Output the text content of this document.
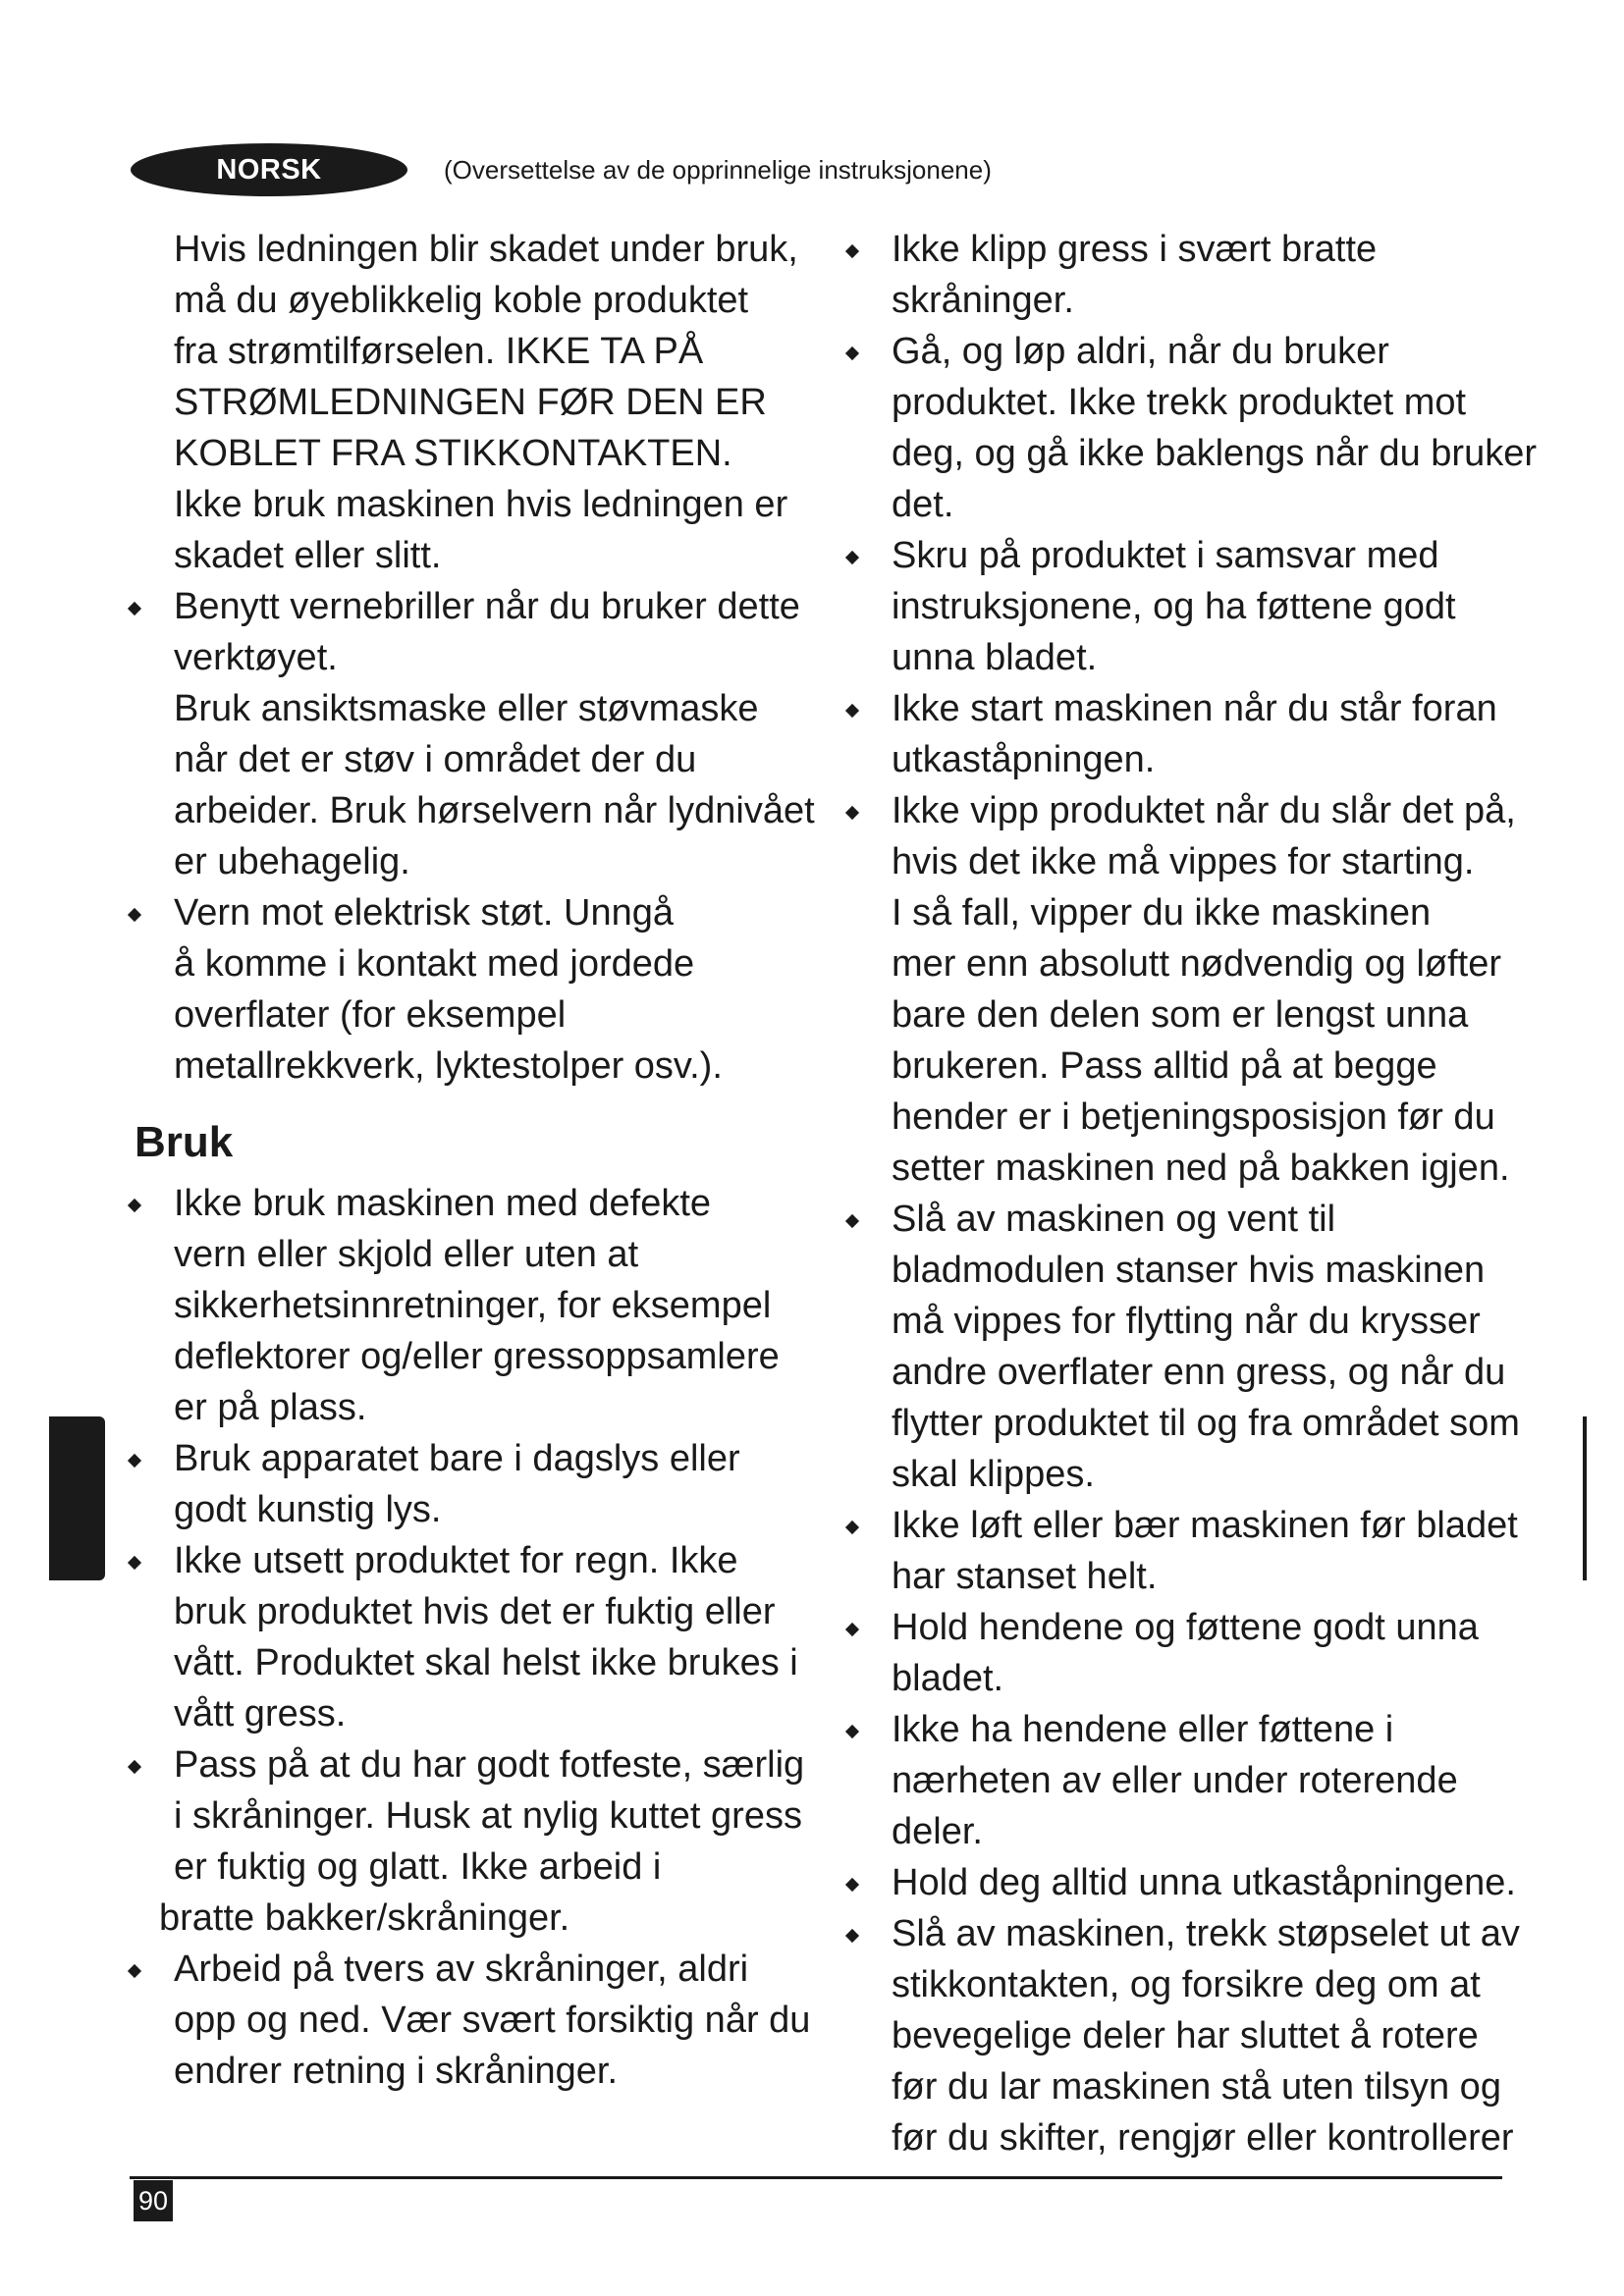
NORSK	(Oversettelse av de opprinnelige instruksjonene)
Hvis ledningen blir skadet under bruk,
må du øyeblikkelig koble produktet
fra strømtilførselen. IKKE TA PÅ
STRØMLEDNINGEN FØR DEN ER
KOBLET FRA STIKKONTAKTEN.
Ikke bruk maskinen hvis ledningen er
skadet eller slitt.
Benytt vernebriller når du bruker dette
verktøyet.
Bruk ansiktsmaske eller støvmaske
når det er støv i området der du
arbeider. Bruk hørselvern når lydnivået
er ubehagelig.
Vern mot elektrisk støt. Unngå
å komme i kontakt med jordede
overflater (for eksempel
metallrekkverk, lyktestolper osv.).
Bruk
Ikke bruk maskinen med defekte
vern eller skjold eller uten at
sikkerhetsinnretninger, for eksempel
deflektorer og/eller gressoppsamlere
er på plass.
Bruk apparatet bare i dagslys eller
godt kunstig lys.
Ikke utsett produktet for regn. Ikke
bruk produktet hvis det er fuktig eller
vått. Produktet skal helst ikke brukes i
vått gress.
Pass på at du har godt fotfeste, særlig
i skråninger. Husk at nylig kuttet gress
er fuktig og glatt. Ikke arbeid i
bratte bakker/skråninger.
Arbeid på tvers av skråninger, aldri
opp og ned. Vær svært forsiktig når du
endrer retning i skråninger.
Ikke klipp gress i svært bratte
skråninger.
Gå, og løp aldri, når du bruker
produktet. Ikke trekk produktet mot
deg, og gå ikke baklengs når du bruker
det.
Skru på produktet i samsvar med
instruksjonene, og ha føttene godt
unna bladet.
Ikke start maskinen når du står foran
utkaståpningen.
Ikke vipp produktet når du slår det på,
hvis det ikke må vippes for starting.
I så fall, vipper du ikke maskinen
mer enn absolutt nødvendig og løfter
bare den delen som er lengst unna
brukeren. Pass alltid på at begge
hender er i betjeningsposisjon før du
setter maskinen ned på bakken igjen.
Slå av maskinen og vent til
bladmodulen stanser hvis maskinen
må vippes for flytting når du krysser
andre overflater enn gress, og når du
flytter produktet til og fra området som
skal klippes.
Ikke løft eller bær maskinen før bladet
har stanset helt.
Hold hendene og føttene godt unna
bladet.
Ikke ha hendene eller føttene i
nærheten av eller under roterende
deler.
Hold deg alltid unna utkaståpningene.
Slå av maskinen, trekk støpselet ut av
stikkontakten, og forsikre deg om at
bevegelige deler har sluttet å rotere
før du lar maskinen stå uten tilsyn og
før du skifter, rengjør eller kontrollerer
90
